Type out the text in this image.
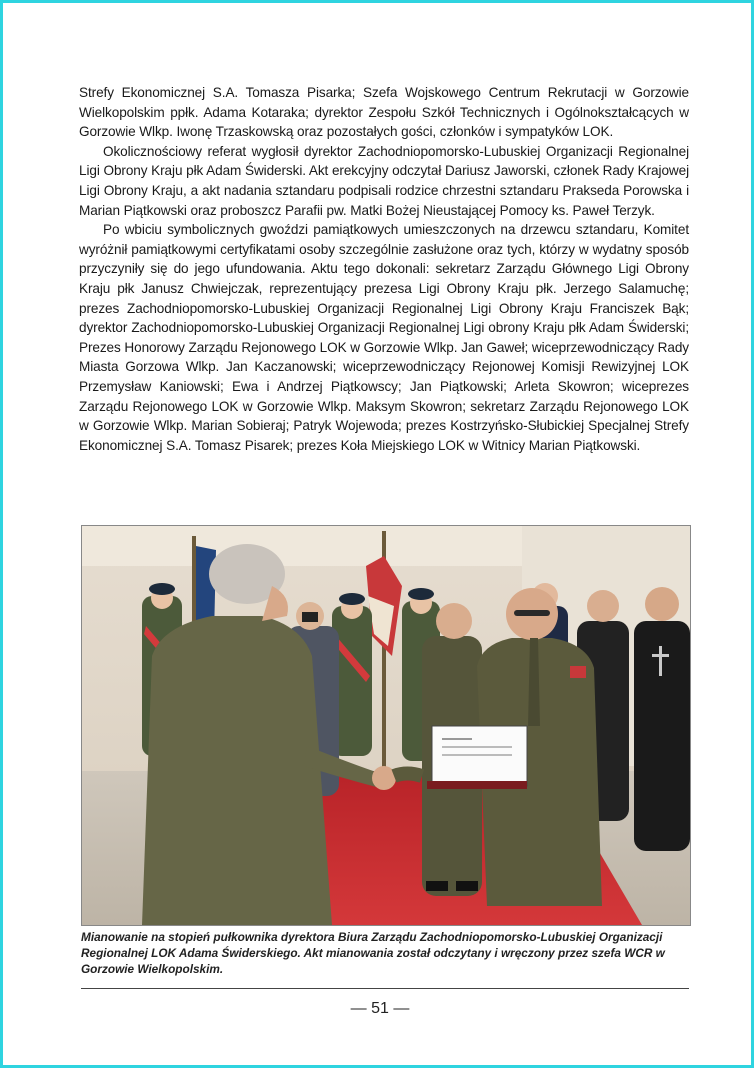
Strefy Ekonomicznej S.A. Tomasza Pisarka; Szefa Wojskowego Centrum Rekrutacji w Gorzowie Wielkopolskim ppłk. Adama Kotaraka; dyrektor Zespołu Szkół Technicznych i Ogólnokształcących w Gorzowie Wlkp. Iwonę Trzaskowską oraz pozostałych gości, członków i sympatyków LOK.

Okolicznościowy referat wygłosił dyrektor Zachodniopomorsko-Lubuskiej Organizacji Regionalnej Ligi Obrony Kraju płk Adam Świderski. Akt erekcyjny odczytał Dariusz Jaworski, członek Rady Krajowej Ligi Obrony Kraju, a akt nadania sztandaru podpisali rodzice chrzestni sztandaru Prakseda Porowska i Marian Piątkowski oraz proboszcz Parafii pw. Matki Bożej Nieustającej Pomocy ks. Paweł Terzyk.

Po wbiciu symbolicznych gwoździ pamiątkowych umieszczonych na drzewcu sztandaru, Komitet wyróżnił pamiątkowymi certyfikatami osoby szczególnie zasłużone oraz tych, którzy w wydatny sposób przyczyniły się do jego ufundowania. Aktu tego dokonali: sekretarz Zarządu Głównego Ligi Obrony Kraju płk Janusz Chwiejczak, reprezentujący prezesa Ligi Obrony Kraju płk. Jerzego Salamuchę; prezes Zachodniopomorsko-Lubuskiej Organizacji Regionalnej Ligi Obrony Kraju Franciszek Bąk; dyrektor Zachodniopomorsko-Lubuskiej Organizacji Regionalnej Ligi obrony Kraju płk Adam Świderski; Prezes Honorowy Zarządu Rejonowego LOK w Gorzowie Wlkp. Jan Gaweł; wiceprzewodniczący Rady Miasta Gorzowa Wlkp. Jan Kaczanowski; wiceprzewodniczący Rejonowej Komisji Rewizyjnej LOK Przemysław Kaniowski; Ewa i Andrzej Piątkowscy; Jan Piątkowski; Arleta Skowron; wiceprezes Zarządu Rejonowego LOK w Gorzowie Wlkp. Maksym Skowron; sekretarz Zarządu Rejonowego LOK w Gorzowie Wlkp. Marian Sobieraj; Patryk Wojewoda; prezes Kostrzyńsko-Słubickiej Specjalnej Strefy Ekonomicznej S.A. Tomasz Pisarek; prezes Koła Miejskiego LOK w Witnicy Marian Piątkowski.

Mianowanie na stopień pułkownika dyrektora Biura Zarządu Zachodniopomorsko-Lubuskiej Organizacji Regionalnej LOK Adama Świderskiego. Akt mianowania został odczytany i wręczony przez szefa WCR w Gorzowie Wielkopolskim.
— 51 —
